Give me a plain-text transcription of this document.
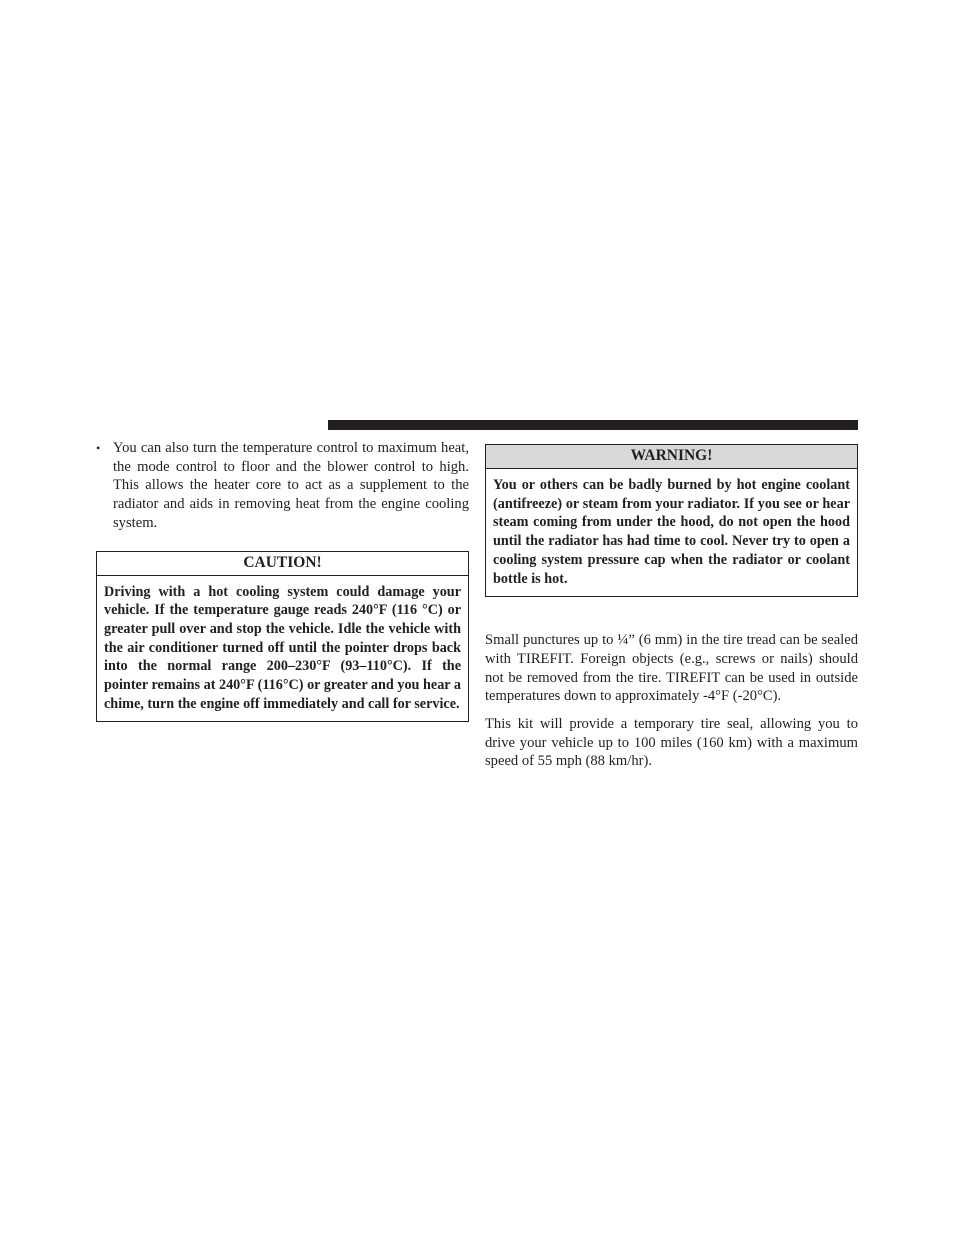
• You can also turn the temperature control to maximum heat, the mode control to floor and the blower control to high. This allows the heater core to act as a supplement to the radiator and aids in removing heat from the engine cooling system.
CAUTION!
Driving with a hot cooling system could damage your vehicle. If the temperature gauge reads 240°F (116 °C) or greater pull over and stop the vehicle. Idle the vehicle with the air conditioner turned off until the pointer drops back into the normal range 200–230°F (93–110°C). If the pointer remains at 240°F (116°C) or greater and you hear a chime, turn the engine off immediately and call for service.
WARNING!
You or others can be badly burned by hot engine coolant (antifreeze) or steam from your radiator. If you see or hear steam coming from under the hood, do not open the hood until the radiator has had time to cool. Never try to open a cooling system pressure cap when the radiator or coolant bottle is hot.

Small punctures up to ¼” (6 mm) in the tire tread can be sealed with TIREFIT. Foreign objects (e.g., screws or nails) should not be removed from the tire. TIREFIT can be used in outside temperatures down to approximately -4°F (-20°C).

This kit will provide a temporary tire seal, allowing you to drive your vehicle up to 100 miles (160 km) with a maximum speed of 55 mph (88 km/hr).
